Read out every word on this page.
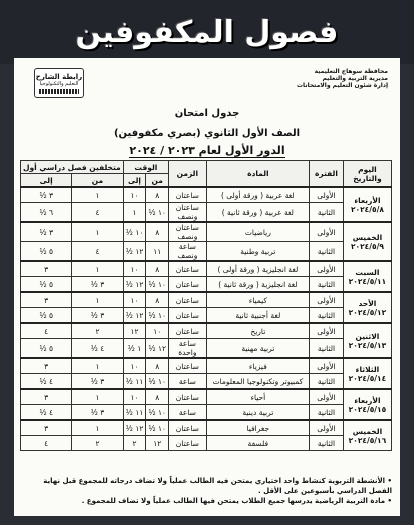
فصول المكفوفين
محافظة سوهاج التعليمية
مديرية التربية والتعليم
إدارة شئون التعليم والامتحانات
رابطة الشارح
التعليم والتكنولوجيا
جدول امتحان
الصف الأول الثانوي (بصري مكفوفين)
الدور الأول لعام ٢٠٢٣ / ٢٠٢٤
اليوم والتاريخ	الفترة	المادة	الزمن	الوقت		متخلفين فصل دراسي أول	
				من	إلى	من	إلى
الأربعاء ٢٠٢٤/٥/٨	الأولى	لغة عربية ( ورقة أولى )	ساعتان	٨	١٠	١	٣ ½
	الثانية	لغة عربية ( ورقة ثانية )	ساعتان ونصف	١٠ ½	١	٤	٦ ½
الخميس ٢٠٢٤/٥/٩	الأولى	رياضيات	ساعتان ونصف	٨	١٠ ½	١	٣ ½
	الثانية	تربية وطنية	ساعة ونصف	١١	١٢ ½	٤	٥ ½
السبت ٢٠٢٤/٥/١١	الأولى	لغة انجليزية ( ورقة أولى )	ساعتان	٨	١٠	١	٣
	الثانية	لغة انجليزية ( ورقة ثانية )	ساعتان	١٠ ½	١٢ ½	٣ ½	٥ ½
الأحد ٢٠٢٤/٥/١٢	الأولى	كيمياء	ساعتان	٨	١٠	١	٣
	الثانية	لغة أجنبية ثانية	ساعتان	١٠ ½	١٢ ½	٣ ½	٥ ½
الاثنين ٢٠٢٤/٥/١٣	الأولى	تاريخ	ساعتان	١٠	١٢	٢	٤
	الثانية	تربية مهنية	ساعة واحدة	١٢ ½	١ ½	٤ ½	٥ ½
الثلاثاء ٢٠٢٤/٥/١٤	الأولى	فيزياء	ساعتان	٨	١٠	١	٣
	الثانية	كمبيوتر وتكنولوجيا المعلومات	ساعة	١٠ ½	١١ ½	٣ ½	٤ ½
الأربعاء ٢٠٢٤/٥/١٥	الأولى	أحياء	ساعتان	٨	١٠	١	٣
	الثانية	تربية دينية	ساعة	١٠ ½	١١ ½	٣ ½	٤ ½
الخميس ٢٠٢٤/٥/١٦	الأولى	جغرافيا	ساعتان	١٠ ½	١٢ ½	١	٣
	الثانية	فلسفة	ساعتان	١٢	٢	٢	٤

• الأنشطة التربوية كنشاط واحد اختياري يمتحن فيه الطالب عملياً ولا تضاف درجاته للمجموع قبل نهاية الفصل الدراسي بأسبوعين على الأقل .

• مادة التربية الرياضية يدرسها جميع الطلاب يمتحن فيها الطالب عملياً ولا تضاف للمجموع .
